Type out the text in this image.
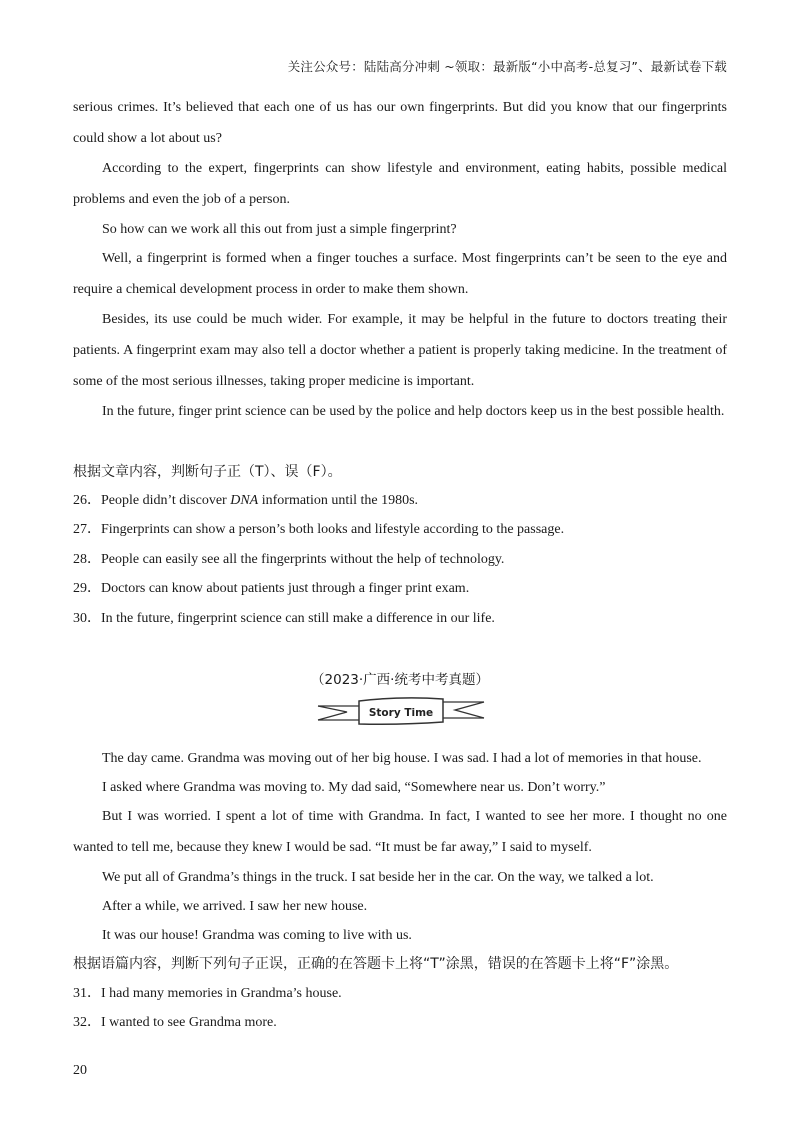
关注公众号：陆陆高分冲刺 ~领取：最新版“小中高考-总复习”、最新试卷下载

serious crimes. It’s believed that each one of us has our own fingerprints. But did you know that our fingerprints could show a lot about us?

According to the expert, fingerprints can show lifestyle and environment, eating habits, possible medical problems and even the job of a person.

So how can we work all this out from just a simple fingerprint?

Well, a fingerprint is formed when a finger touches a surface. Most fingerprints can’t be seen to the eye and require a chemical development process in order to make them shown.

Besides, its use could be much wider. For example, it may be helpful in the future to doctors treating their patients. A fingerprint exam may also tell a doctor whether a patient is properly taking medicine. In the treatment of some of the most serious illnesses, taking proper medicine is important.

In the future, finger print science can be used by the police and help doctors keep us in the best possible health.

根据文章内容，判断句子正（T）、误（F）。
26．People didn’t discover DNA information until the 1980s.
27．Fingerprints can show a person’s both looks and lifestyle according to the passage.
28．People can easily see all the fingerprints without the help of technology.
29．Doctors can know about patients just through a finger print exam.
30．In the future, fingerprint science can still make a difference in our life.
（2023·广西·统考中考真题）
Story Time

The day came. Grandma was moving out of her big house. I was sad. I had a lot of memories in that house.

I asked where Grandma was moving to. My dad said, “Somewhere near us. Don’t worry.”

But I was worried. I spent a lot of time with Grandma. In fact, I wanted to see her more. I thought no one wanted to tell me, because they knew I would be sad. “It must be far away,” I said to myself.

We put all of Grandma’s things in the truck. I sat beside her in the car. On the way, we talked a lot.

After a while, we arrived. I saw her new house.

It was our house! Grandma was coming to live with us.

根据语篇内容，判断下列句子正误，正确的在答题卡上将“T”涂黑，错误的在答题卡上将“F”涂黑。
31．I had many memories in Grandma’s house.
32．I wanted to see Grandma more.
20
